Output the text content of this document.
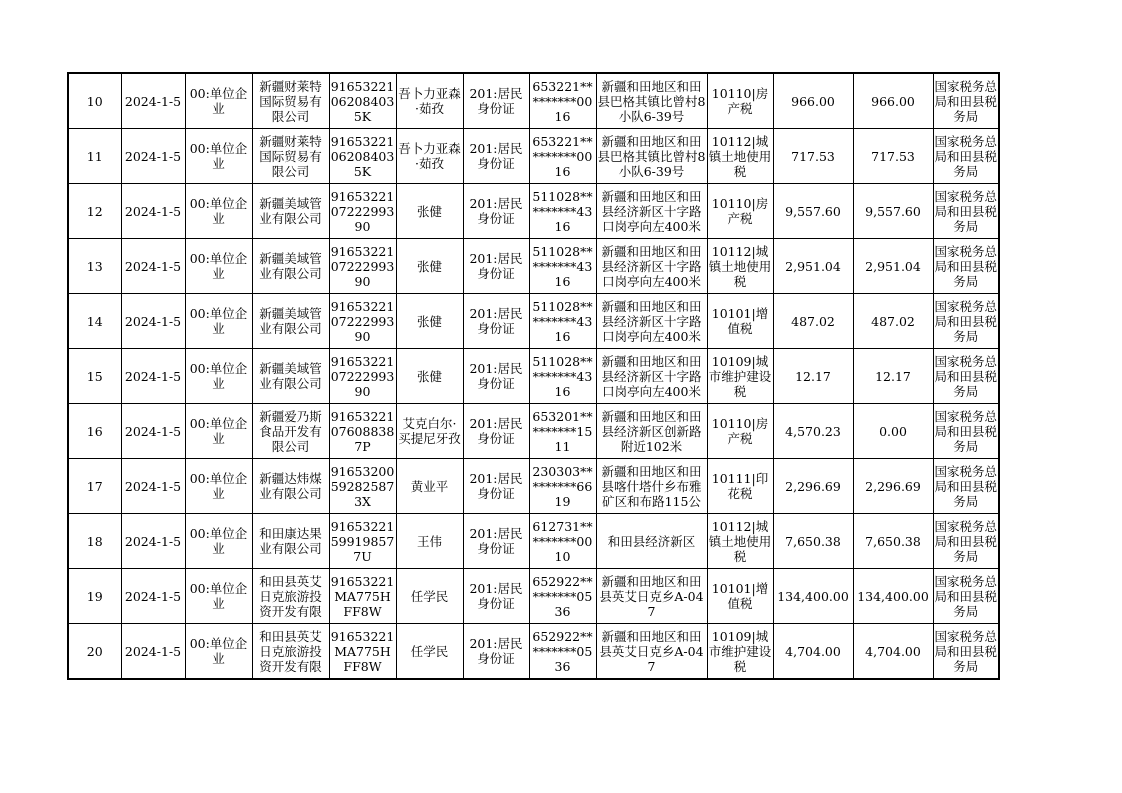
10	2024-1-5	00:单位企业	新疆财莱特国际贸易有限公司	91653221062084035K	吾卜力亚森·茹孜	201:居民身份证	653221*********0016	新疆和田地区和田县巴格其镇比曾村8小队6-39号	10110|房产税	966.00	966.00	国家税务总局和田县税务局

11	2024-1-5	00:单位企业	新疆财莱特国际贸易有限公司	91653221062084035K	吾卜力亚森·茹孜	201:居民身份证	653221*********0016	新疆和田地区和田县巴格其镇比曾村8小队6-39号	10112|城镇土地使用税	717.53	717.53	国家税务总局和田县税务局

12	2024-1-5	00:单位企业	新疆美域管业有限公司	916532210722299390	张健	201:居民身份证	511028*********4316	新疆和田地区和田县经济新区十字路口岗亭向左400米	10110|房产税	9,557.60	9,557.60	国家税务总局和田县税务局

13	2024-1-5	00:单位企业	新疆美域管业有限公司	916532210722299390	张健	201:居民身份证	511028*********4316	新疆和田地区和田县经济新区十字路口岗亭向左400米	10112|城镇土地使用税	2,951.04	2,951.04	国家税务总局和田县税务局

14	2024-1-5	00:单位企业	新疆美域管业有限公司	916532210722299390	张健	201:居民身份证	511028*********4316	新疆和田地区和田县经济新区十字路口岗亭向左400米	10101|增值税	487.02	487.02	国家税务总局和田县税务局

15	2024-1-5	00:单位企业	新疆美域管业有限公司	916532210722299390	张健	201:居民身份证	511028*********4316	新疆和田地区和田县经济新区十字路口岗亭向左400米	10109|城市维护建设税	12.17	12.17	国家税务总局和田县税务局

16	2024-1-5	00:单位企业	新疆爱乃斯食品开发有限公司	91653221076088387P	艾克白尔·买提尼牙孜	201:居民身份证	653201*********1511	新疆和田地区和田县经济新区创新路附近102米	10110|房产税	4,570.23	0.00	国家税务总局和田县税务局

17	2024-1-5	00:单位企业	新疆达炜煤业有限公司	91653200592825873X	黄业平	201:居民身份证	230303*********6619	新疆和田地区和田县喀什塔什乡布雅矿区和布路115公	10111|印花税	2,296.69	2,296.69	国家税务总局和田县税务局

18	2024-1-5	00:单位企业	和田康达果业有限公司	91653221599198577U	王伟	201:居民身份证	612731*********0010	和田县经济新区	10112|城镇土地使用税	7,650.38	7,650.38	国家税务总局和田县税务局

19	2024-1-5	00:单位企业	和田县英艾日克旅游投资开发有限	91653221MA775HFF8W	任学民	201:居民身份证	652922*********0536	新疆和田地区和田县英艾日克乡A-047	10101|增值税	134,400.00	134,400.00	国家税务总局和田县税务局

20	2024-1-5	00:单位企业	和田县英艾日克旅游投资开发有限	91653221MA775HFF8W	任学民	201:居民身份证	652922*********0536	新疆和田地区和田县英艾日克乡A-047	10109|城市维护建设税	4,704.00	4,704.00	国家税务总局和田县税务局
